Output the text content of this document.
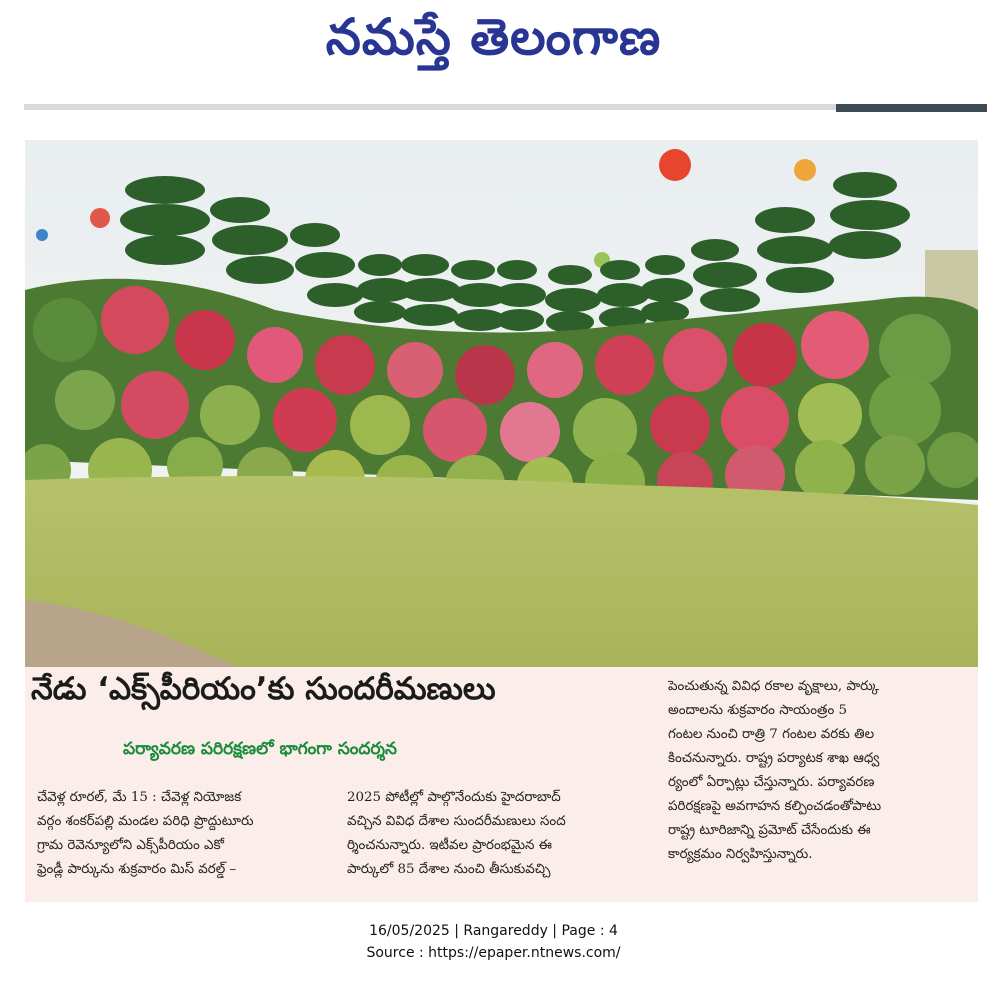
నమస్తే తెలంగాణ
నేడు ‘ఎక్స్‌పీరియం’కు సుందరీమణులు
పర్యావరణ పరిరక్షణలో భాగంగా సందర్శన

చేవెళ్ల రూరల్, మే 15 : చేవెళ్ల నియోజక

వర్గం శంకర్‌పల్లి మండల పరిధి ప్రొద్దుటూరు

గ్రామ రెవెన్యూలోని ఎక్స్‌పీరియం ఎకో

ఫ్రెండ్లీ పార్కును శుక్రవారం మిస్ వరల్డ్ –

2025 పోటీల్లో పాల్గొనేందుకు హైదరాబాద్

వచ్చిన వివిధ దేశాల సుందరీమణులు సంద

ర్శించనున్నారు. ఇటీవల ప్రారంభమైన ఈ

పార్కులో 85 దేశాల నుంచి తీసుకువచ్చి

పెంచుతున్న వివిధ రకాల వృక్షాలు, పార్కు

అందాలను శుక్రవారం సాయంత్రం 5

గంటల నుంచి రాత్రి 7 గంటల వరకు తిల

కించనున్నారు. రాష్ట్ర పర్యాటక శాఖ ఆధ్వ

ర్యంలో ఏర్పాట్లు చేస్తున్నారు. పర్యావరణ

పరిరక్షణపై అవగాహన కల్పించడంతోపాటు

రాష్ట్ర టూరిజాన్ని ప్రమోట్ చేసేందుకు ఈ

కార్యక్రమం నిర్వహిస్తున్నారు.

16/05/2025 | Rangareddy | Page : 4
Source : https://epaper.ntnews.com/
